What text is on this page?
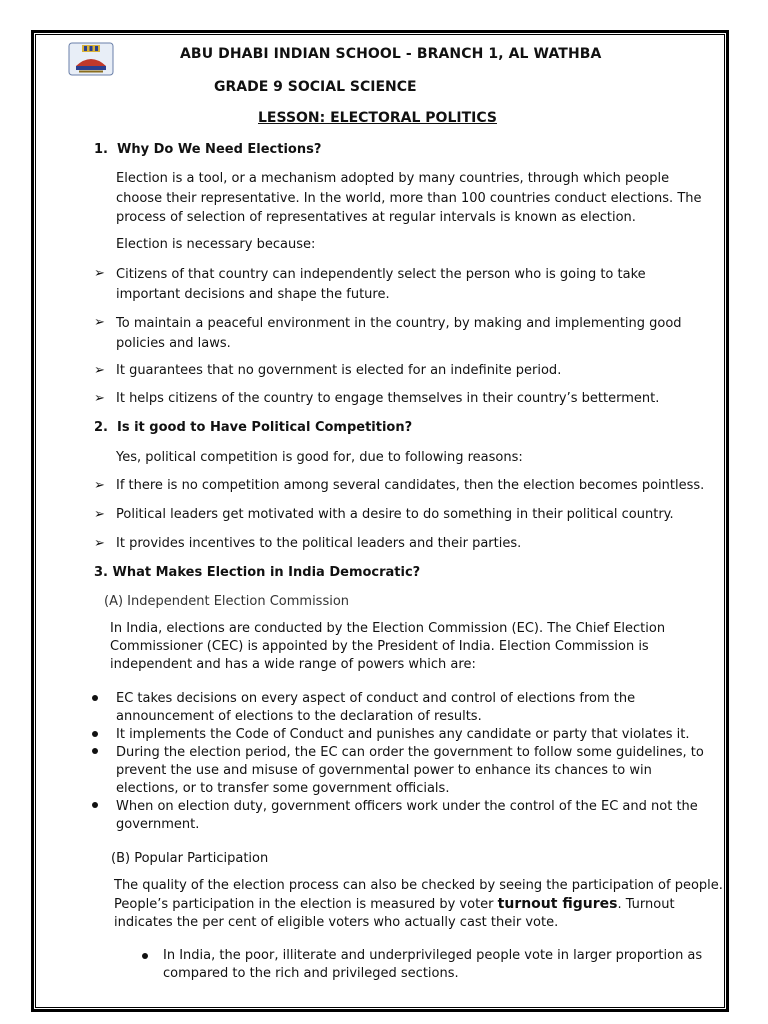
ABU DHABI INDIAN SCHOOL - BRANCH 1, AL WATHBA
GRADE 9 SOCIAL SCIENCE
LESSON: ELECTORAL POLITICS
1. Why Do We Need Elections?
Election is a tool, or a mechanism adopted by many countries, through which people choose their representative. In the world, more than 100 countries conduct elections. The process of selection of representatives at regular intervals is known as election.
Election is necessary because:
➢ Citizens of that country can independently select the person who is going to take important decisions and shape the future.
➢ To maintain a peaceful environment in the country, by making and implementing good policies and laws.
➢ It guarantees that no government is elected for an indefinite period.
➢ It helps citizens of the country to engage themselves in their country’s betterment.
2. Is it good to Have Political Competition?
Yes, political competition is good for, due to following reasons:
➢ If there is no competition among several candidates, then the election becomes pointless.
➢ Political leaders get motivated with a desire to do something in their political country.
➢ It provides incentives to the political leaders and their parties.
3. What Makes Election in India Democratic?
(A) Independent Election Commission
In India, elections are conducted by the Election Commission (EC). The Chief Election Commissioner (CEC) is appointed by the President of India. Election Commission is independent and has a wide range of powers which are:
EC takes decisions on every aspect of conduct and control of elections from the announcement of elections to the declaration of results.
It implements the Code of Conduct and punishes any candidate or party that violates it.
During the election period, the EC can order the government to follow some guidelines, to prevent the use and misuse of governmental power to enhance its chances to win elections, or to transfer some government officials.
When on election duty, government officers work under the control of the EC and not the government.
(B) Popular Participation
The quality of the election process can also be checked by seeing the participation of people. People’s participation in the election is measured by voter turnout figures. Turnout indicates the per cent of eligible voters who actually cast their vote.
In India, the poor, illiterate and underprivileged people vote in larger proportion as compared to the rich and privileged sections.
